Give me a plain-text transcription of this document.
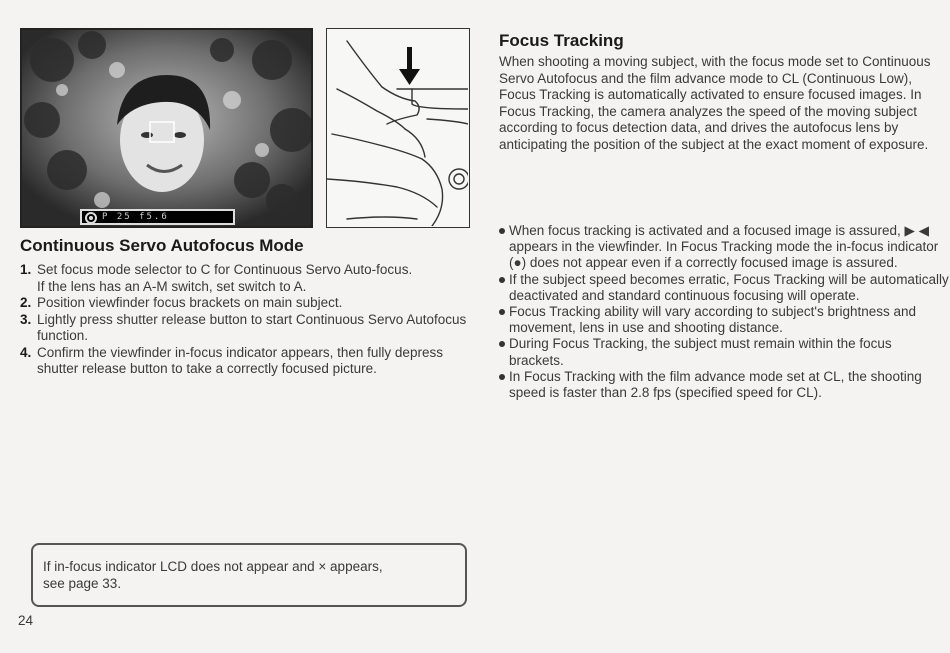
P 25 f5.6
Continuous Servo Autofocus Mode
1. Set focus mode selector to C for Continuous Servo Auto-focus.
If the lens has an A-M switch, set switch to A.
2. Position viewfinder focus brackets on main subject.
3. Lightly press shutter release button to start Continuous Servo Autofocus function.
4. Confirm the viewfinder in-focus indicator appears, then fully depress shutter release button to take a correctly focused picture.
If in-focus indicator LCD does not appear and × appears,
see page 33.
24
Focus Tracking

When shooting a moving subject, with the focus mode set to Continuous Servo Autofocus and the film advance mode to CL (Continuous Low), Focus Tracking is automatically activated to ensure focused images. In Focus Tracking, the camera analyzes the speed of the moving subject according to focus detection data, and drives the autofocus lens by anticipating the position of the subject at the exact moment of exposure.

When focus tracking is activated and a focused image is assured, ▶ ◀ appears in the viewfinder. In Focus Tracking mode the in-focus indicator (●) does not appear even if a correctly focused image is assured.
If the subject speed becomes erratic, Focus Tracking will be automatically deactivated and standard continuous focusing will operate.
Focus Tracking ability will vary according to subject's brightness and movement, lens in use and shooting distance.
During Focus Tracking, the subject must remain within the focus brackets.
In Focus Tracking with the film advance mode set at CL, the shooting speed is faster than 2.8 fps (specified speed for CL).
